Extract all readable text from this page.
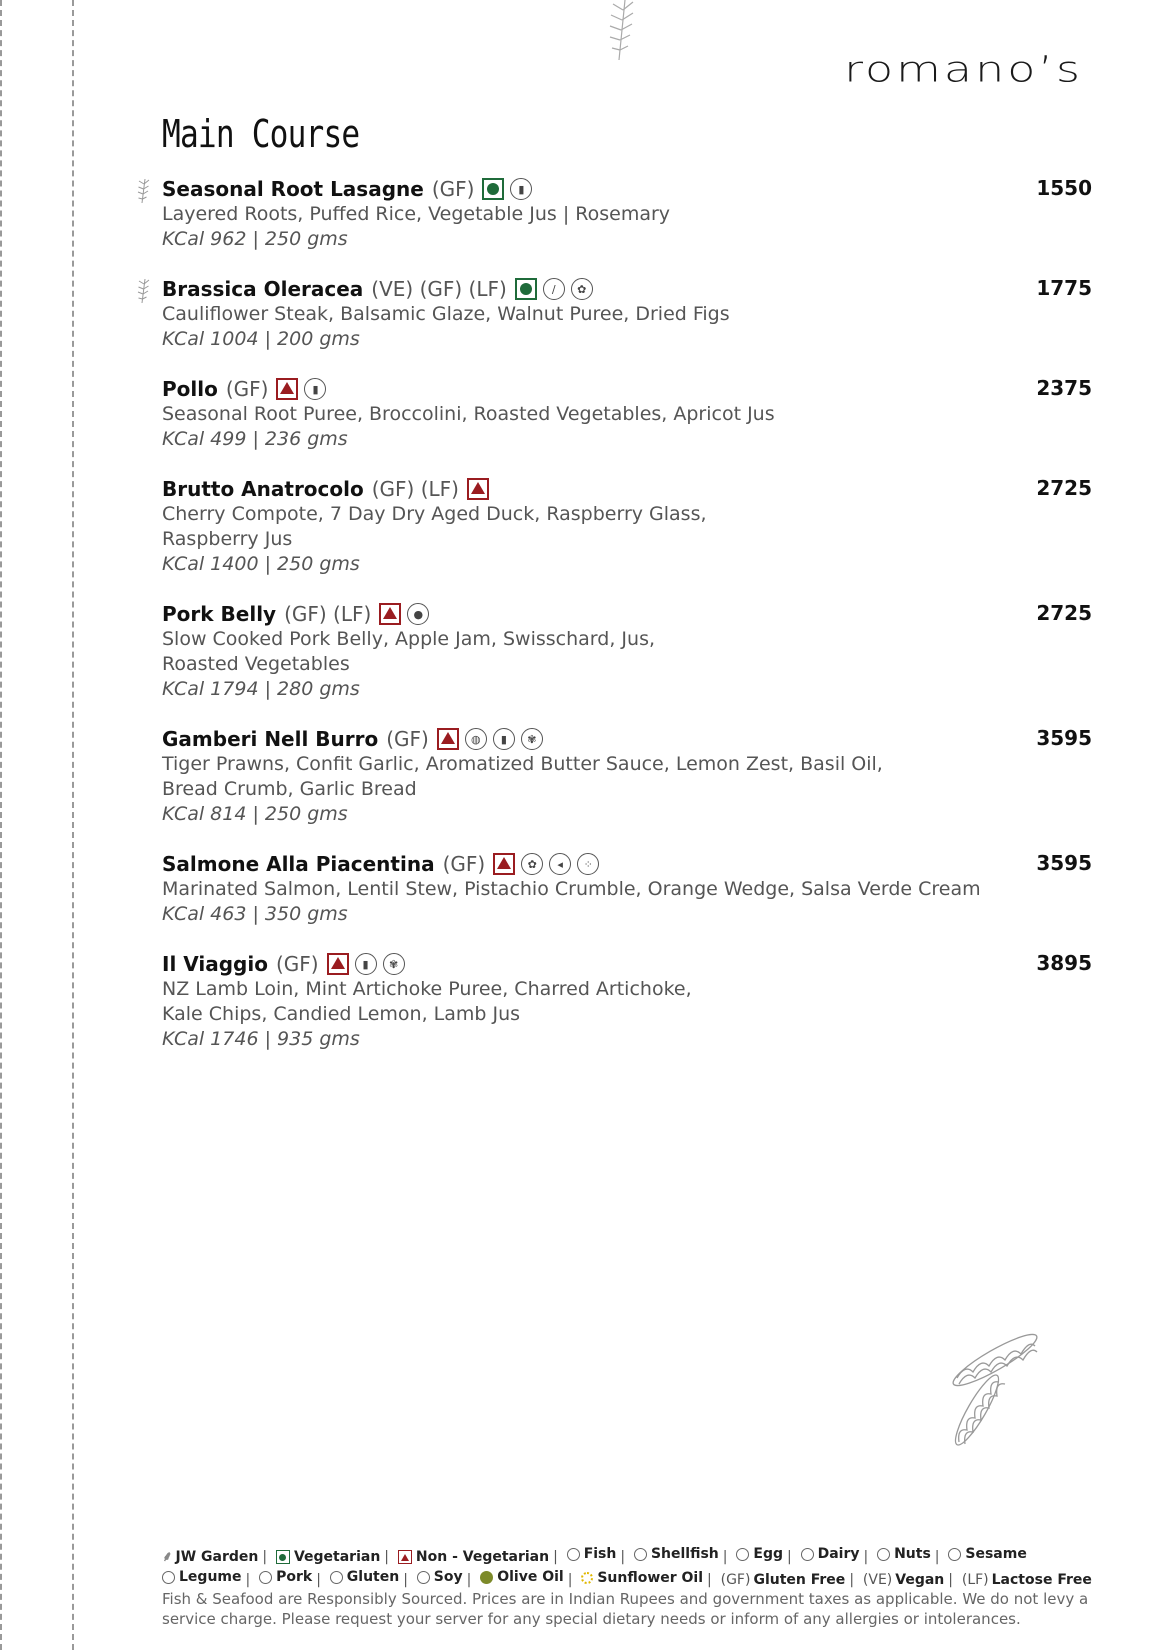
romano’s
Main Course
Seasonal Root Lasagne (GF)	▮	1550
Layered Roots, Puffed Rice, Vegetable Jus | Rosemary
KCal 962 | 250 gms
Brassica Oleracea (VE) (GF) (LF)	∕	✿	1775
Cauliflower Steak, Balsamic Glaze, Walnut Puree, Dried Figs
KCal 1004 | 200 gms
Pollo (GF)	▮	2375
Seasonal Root Puree, Broccolini, Roasted Vegetables, Apricot Jus
KCal 499 | 236 gms
Brutto Anatrocolo (GF) (LF)	2725
Cherry Compote, 7 Day Dry Aged Duck, Raspberry Glass,
Raspberry Jus
KCal 1400 | 250 gms
Pork Belly (GF) (LF)	●	2725
Slow Cooked Pork Belly, Apple Jam, Swisschard, Jus,
Roasted Vegetables
KCal 1794 | 280 gms
Gamberi Nell Burro (GF)	◍	▮	✾	3595
Tiger Prawns, Confit Garlic, Aromatized Butter Sauce, Lemon Zest, Basil Oil,
Bread Crumb, Garlic Bread
KCal 814 | 250 gms
Salmone Alla Piacentina (GF)	✿	◂	⁘	3595
Marinated Salmon, Lentil Stew, Pistachio Crumble, Orange Wedge, Salsa Verde Cream
KCal 463 | 350 gms
Il Viaggio (GF)	▮	✾	3895
NZ Lamb Loin, Mint Artichoke Puree, Charred Artichoke,
Kale Chips, Candied Lemon, Lamb Jus
KCal 1746 | 935 gms
⸙ JW Garden | Vegetarian | Non - Vegetarian | Fish | Shellfish | Egg | Dairy | Nuts | Sesame
Legume | Pork | Gluten | Soy | Olive Oil | Sunflower Oil | (GF) Gluten Free | (VE) Vegan | (LF) Lactose Free
Fish & Seafood are Responsibly Sourced. Prices are in Indian Rupees and government taxes as applicable. We do not levy a
service charge. Please request your server for any special dietary needs or inform of any allergies or intolerances.
